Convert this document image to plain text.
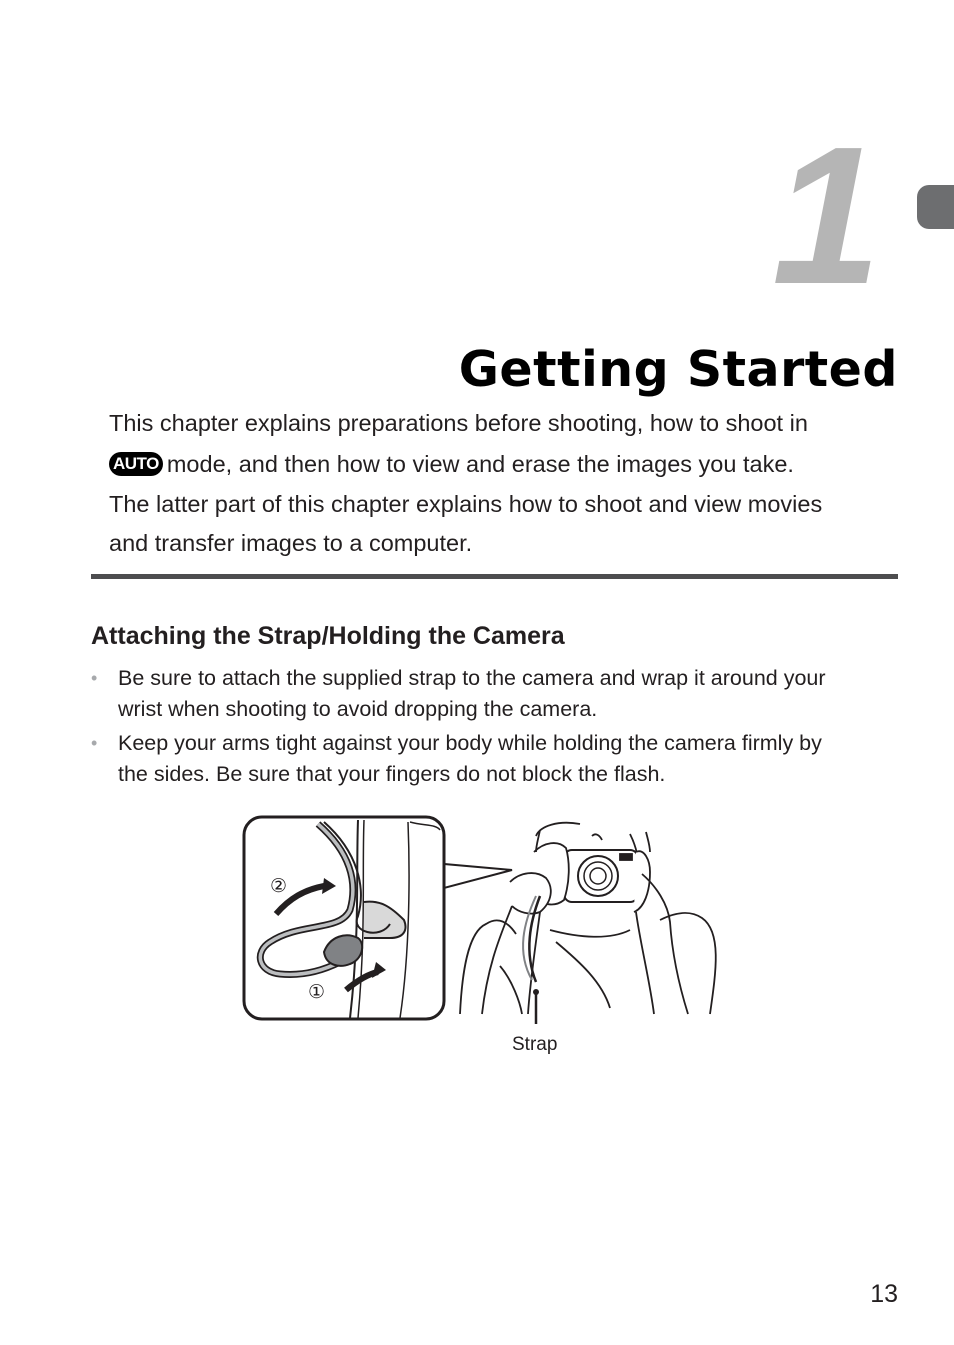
1
Getting Started
This chapter explains preparations before shooting, how to shoot in
AUTO mode, and then how to view and erase the images you take.
The latter part of this chapter explains how to shoot and view movies
and transfer images to a computer.
Attaching the Strap/Holding the Camera
• Be sure to attach the supplied strap to the camera and wrap it around your
wrist when shooting to avoid dropping the camera.
• Keep your arms tight against your body while holding the camera firmly by
the sides. Be sure that your fingers do not block the flash.
②
①
Strap
13
